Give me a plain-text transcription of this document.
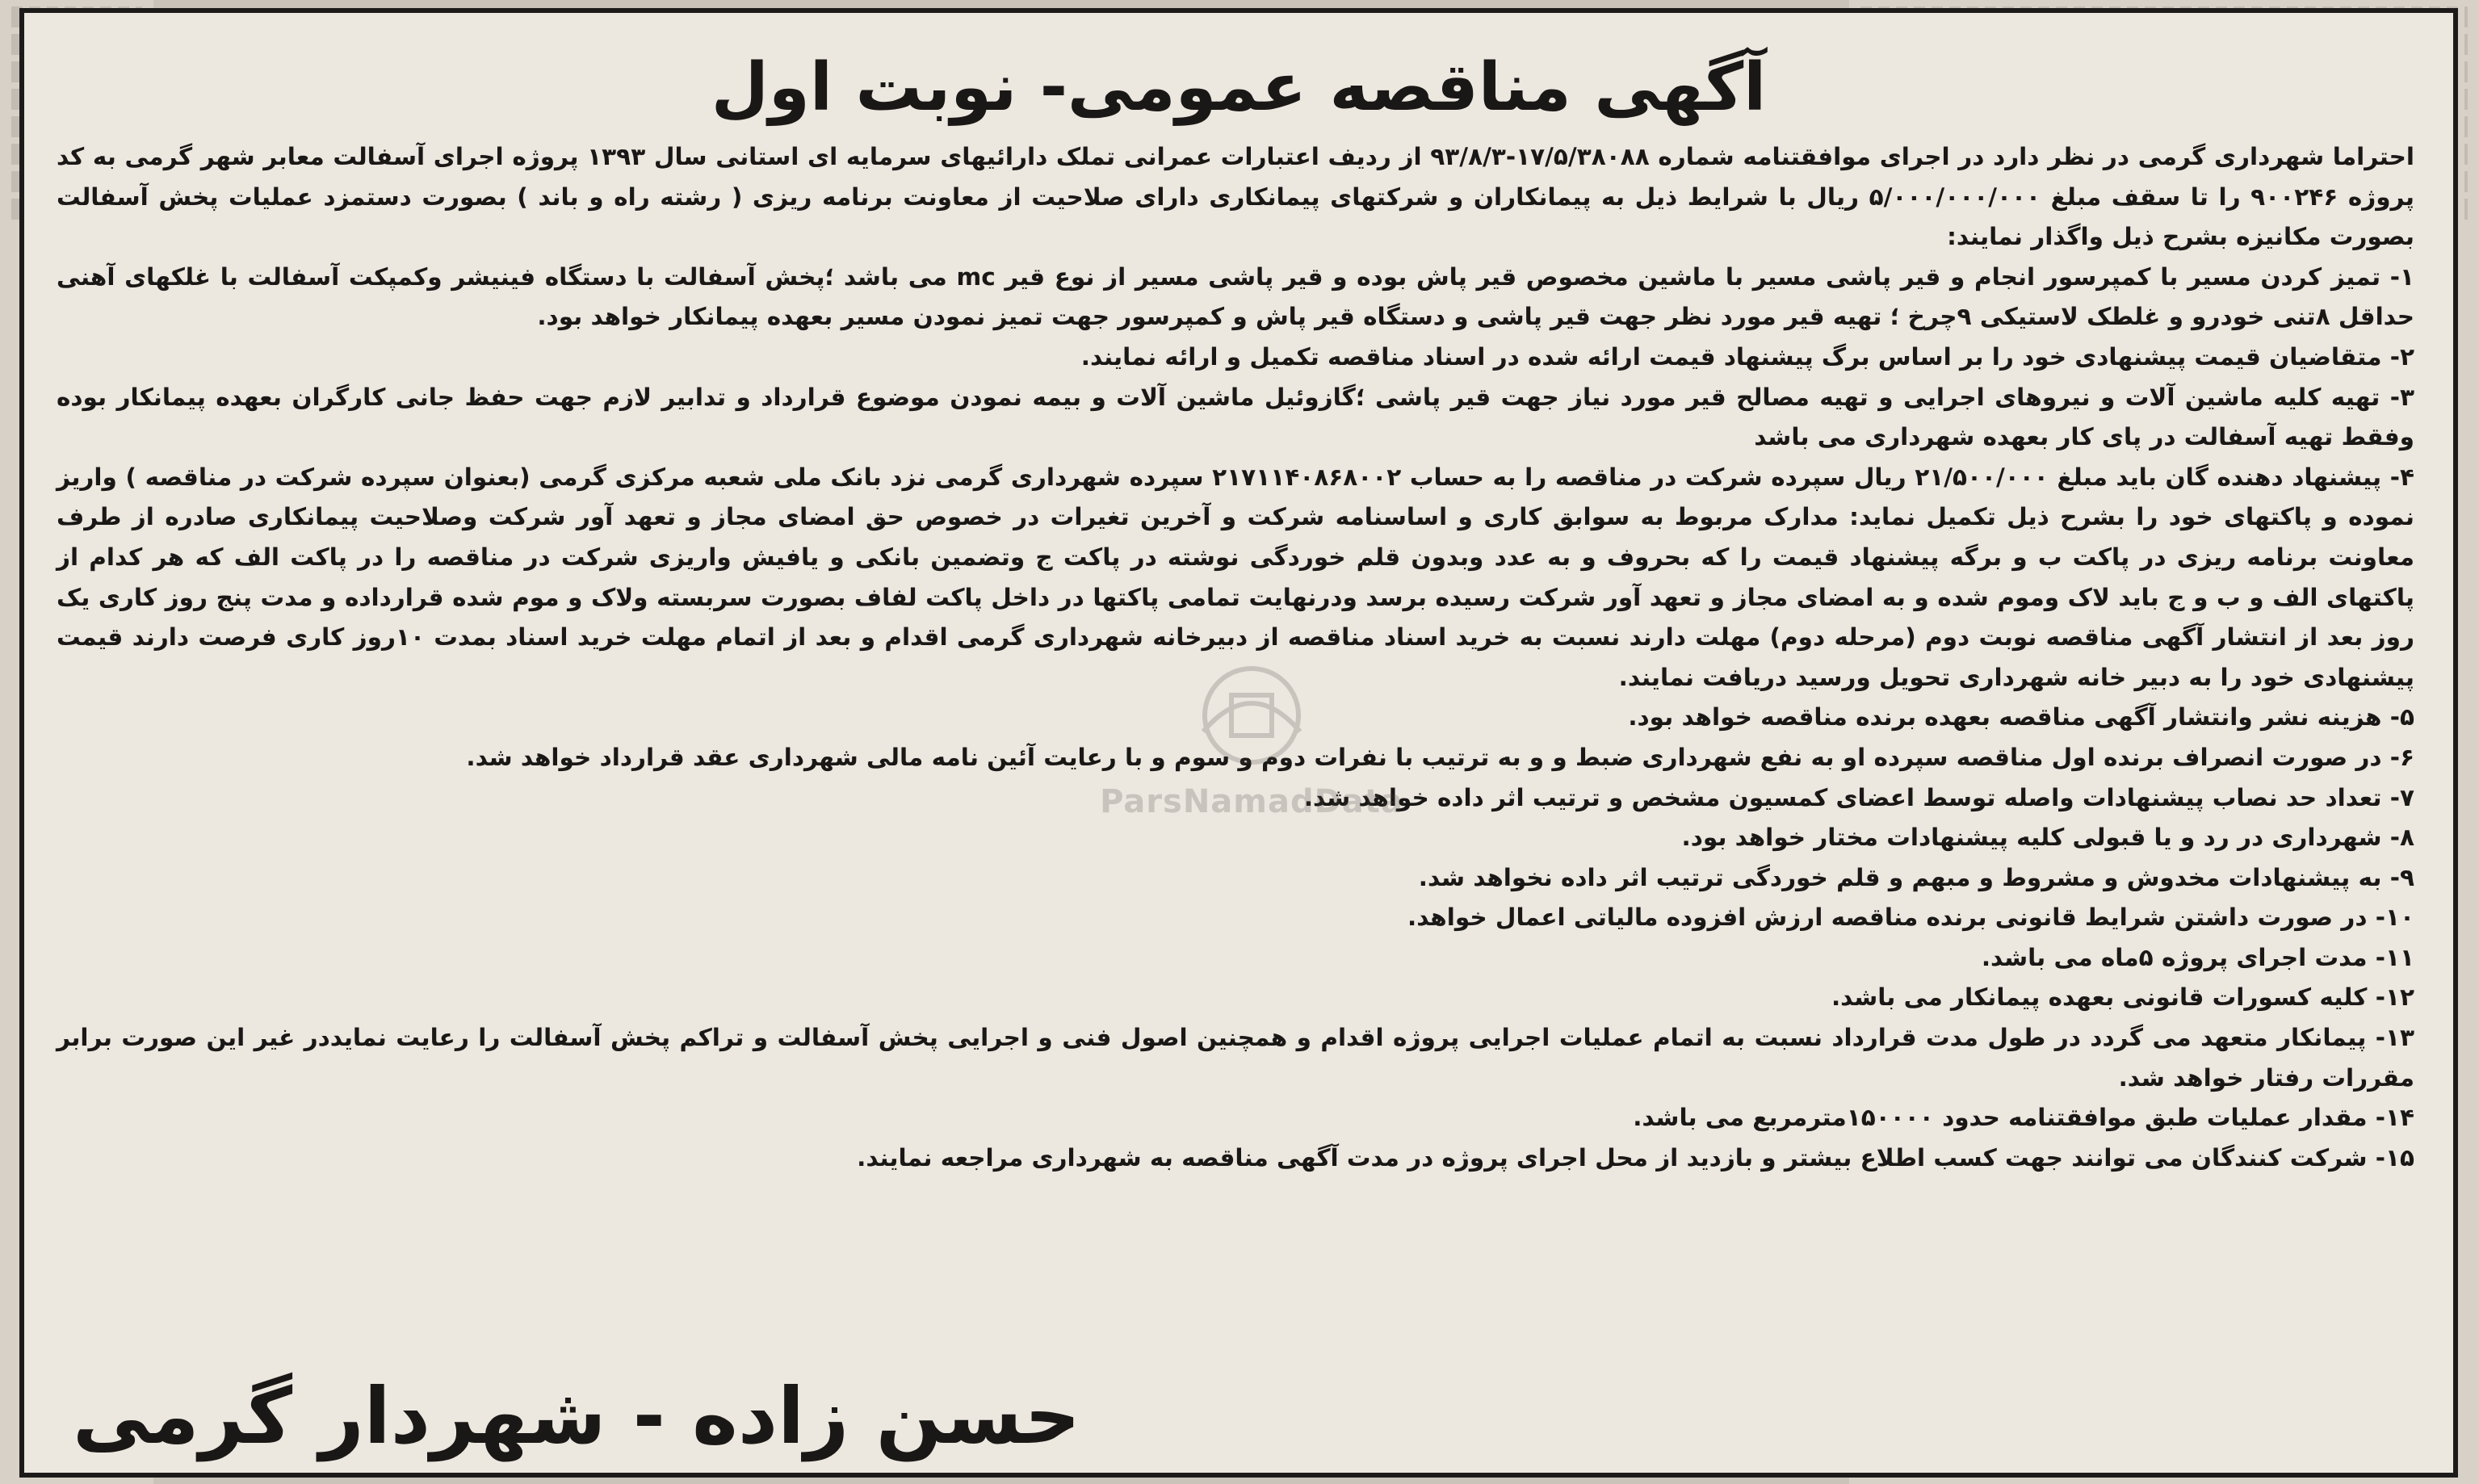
آگهی مناقصه عمومی- نوبت اول

احتراما شهرداری گرمی در نظر دارد در اجرای موافقتنامه شماره ۱۷/۵/۳۸۰۸۸-۹۳/۸/۳ از ردیف اعتبارات عمرانی تملک دارائیهای سرمایه ای استانی سال ۱۳۹۳ پروژه اجرای آسفالت معابر شهر گرمی به کد پروژه ۹۰۰۲۴۶ را تا سقف مبلغ ۵/۰۰۰/۰۰۰/۰۰۰ ریال با شرایط ذیل به پیمانکاران و شرکتهای پیمانکاری دارای صلاحیت از معاونت برنامه ریزی ( رشته راه و باند ) بصورت دستمزد عملیات پخش آسفالت بصورت مکانیزه بشرح ذیل واگذار نمایند:

۱- تمیز کردن مسیر با کمپرسور انجام و قیر پاشی مسیر با ماشین مخصوص قیر پاش بوده و قیر پاشی مسیر از نوع قیر mc می باشد ؛پخش آسفالت با دستگاه فینیشر وکمپکت آسفالت با غلکهای آهنی حداقل ۸تنی خودرو و غلطک لاستیکی ۹چرخ ؛ تهیه قیر مورد نظر جهت قیر پاشی و دستگاه قیر پاش و کمپرسور جهت تمیز نمودن مسیر بعهده پیمانکار خواهد بود.

۲- متقاضیان قیمت پیشنهادی خود را بر اساس برگ پیشنهاد قیمت ارائه شده در اسناد مناقصه تکمیل و ارائه نمایند.

۳- تهیه کلیه ماشین آلات و نیروهای اجرایی و تهیه مصالح قیر مورد نیاز جهت قیر پاشی ؛گازوئیل ماشین آلات و بیمه نمودن موضوع قرارداد و تدابیر لازم جهت حفظ جانی کارگران بعهده پیمانکار بوده وفقط تهیه آسفالت در پای کار بعهده شهرداری می باشد

۴- پیشنهاد دهنده گان باید مبلغ ۲۱/۵۰۰/۰۰۰ ریال سپرده شرکت در مناقصه را به حساب ۲۱۷۱۱۴۰۸۶۸۰۰۲ سپرده شهرداری گرمی نزد بانک ملی شعبه مرکزی گرمی (بعنوان سپرده شرکت در مناقصه ) واریز نموده و پاکتهای خود را بشرح ذیل تکمیل نماید: مدارک مربوط به سوابق کاری و اساسنامه شرکت و آخرین تغیرات در خصوص حق امضای مجاز و تعهد آور شرکت وصلاحیت پیمانکاری صادره از طرف معاونت برنامه ریزی در پاکت ب و برگه پیشنهاد قیمت را که بحروف و به عدد وبدون قلم خوردگی نوشته در پاکت ج وتضمین بانکی و یافیش واریزی شرکت در مناقصه را در پاکت الف که هر کدام از پاکتهای الف و ب و ج باید لاک وموم شده و به امضای مجاز و تعهد آور شرکت رسیده برسد ودرنهایت تمامی پاکتها در داخل پاکت لفاف بصورت سربسته ولاک و موم شده قرارداده و مدت پنج روز کاری یک روز بعد از انتشار آگهی مناقصه نوبت دوم (مرحله دوم) مهلت دارند نسبت به خرید اسناد مناقصه از دبیرخانه شهرداری گرمی اقدام و بعد از اتمام مهلت خرید اسناد بمدت ۱۰روز کاری فرصت دارند قیمت پیشنهادی خود را به دبیر خانه شهرداری تحویل ورسید دریافت نمایند.

۵- هزینه نشر وانتشار آگهی مناقصه بعهده برنده مناقصه خواهد بود.

۶- در صورت انصراف برنده اول مناقصه سپرده او به نفع شهرداری ضبط و و به ترتیب با نفرات دوم و سوم و با رعایت آئین نامه مالی شهرداری عقد قرارداد خواهد شد.

۷- تعداد حد نصاب پیشنهادات واصله توسط اعضای کمسیون مشخص و ترتیب اثر داده خواهد شد.

۸- شهرداری در رد و یا قبولی کلیه پیشنهادات مختار خواهد بود.

۹- به پیشنهادات مخدوش و مشروط و مبهم و قلم خوردگی ترتیب اثر داده نخواهد شد.

۱۰- در صورت داشتن شرایط قانونی برنده مناقصه ارزش افزوده مالیاتی اعمال خواهد.

۱۱- مدت اجرای پروژه ۵ماه می باشد.

۱۲- کلیه کسورات قانونی بعهده پیمانکار می باشد.

۱۳- پیمانکار متعهد می گردد در طول مدت قرارداد نسبت به اتمام عملیات اجرایی پروژه اقدام و همچنین اصول فنی و اجرایی پخش آسفالت و تراکم پخش آسفالت را رعایت نمایددر غیر این صورت برابر مقررات رفتار خواهد شد.

۱۴- مقدار عملیات طبق موافقتنامه حدود ۱۵۰۰۰۰مترمربع می باشد.

۱۵- شرکت کنندگان می توانند جهت کسب اطلاع بیشتر و بازدید از محل اجرای پروژه در مدت آگهی مناقصه به شهرداری مراجعه نمایند.

ParsNamadData
حسن زاده - شهردار گرمی
